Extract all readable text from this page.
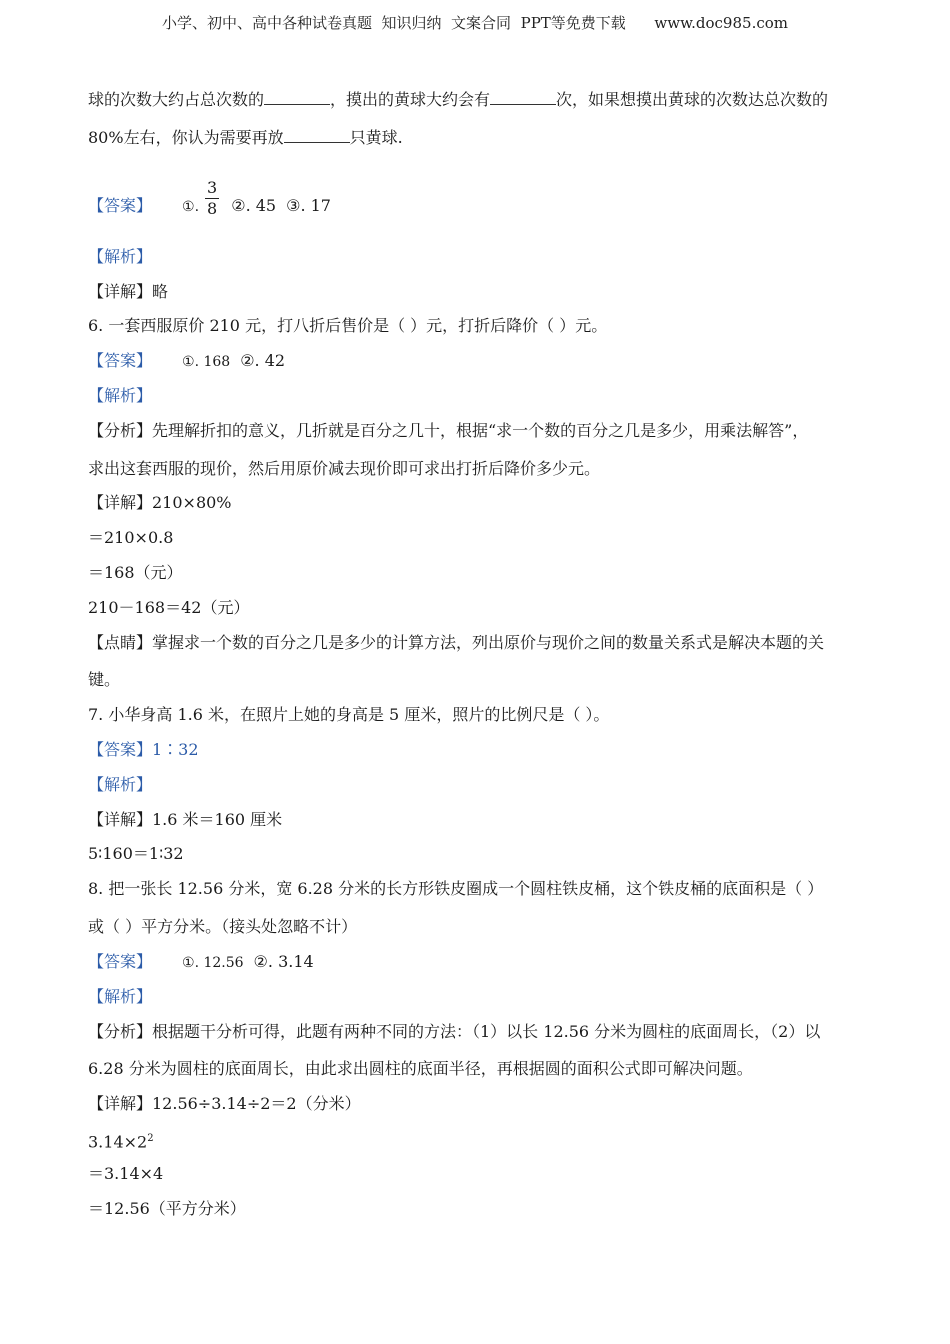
小学、初中、高中各种试卷真题  知识归纳  文案合同  PPT等免费下载      www.doc985.com
球的次数大约占总次数的	，摸出的黄球大约会有	次，如果想摸出黄球的次数达总次数的
80%左右，你认为需要再放	只黄球.
【答案】 ①. $\frac{3}{8}$ ②. 45 ③. 17
【解析】
【详解】略
6. 一套西服原价 210 元，打八折后售价是（ ）元，打折后降价（ ）元。
【答案】 ①. 168 ②. 42
【解析】
【分析】先理解折扣的意义，几折就是百分之几十，根据“求一个数的百分之几是多少，用乘法解答”，
求出这套西服的现价，然后用原价减去现价即可求出打折后降价多少元。
【详解】210×80%
＝210×0.8
＝168（元）
210－168＝42（元）
【点睛】掌握求一个数的百分之几是多少的计算方法，列出原价与现价之间的数量关系式是解决本题的关
键。
7. 小华身高 1.6 米，在照片上她的身高是 5 厘米，照片的比例尺是（ ）。
【答案】1∶32
【解析】
【详解】1.6 米＝160 厘米
5∶160＝1∶32
8. 把一张长 12.56 分米，宽 6.28 分米的长方形铁皮圈成一个圆柱铁皮桶，这个铁皮桶的底面积是（ ）
或（ ）平方分米。（接头处忽略不计）
【答案】 ①. 12.56 ②. 3.14
【解析】
【分析】根据题干分析可得，此题有两种不同的方法：（1）以长 12.56 分米为圆柱的底面周长，（2）以
6.28 分米为圆柱的底面周长，由此求出圆柱的底面半径，再根据圆的面积公式即可解决问题。
【详解】12.56÷3.14÷2＝2（分米）
$3.14\times 2^2$
＝3.14×4
＝12.56（平方分米）
